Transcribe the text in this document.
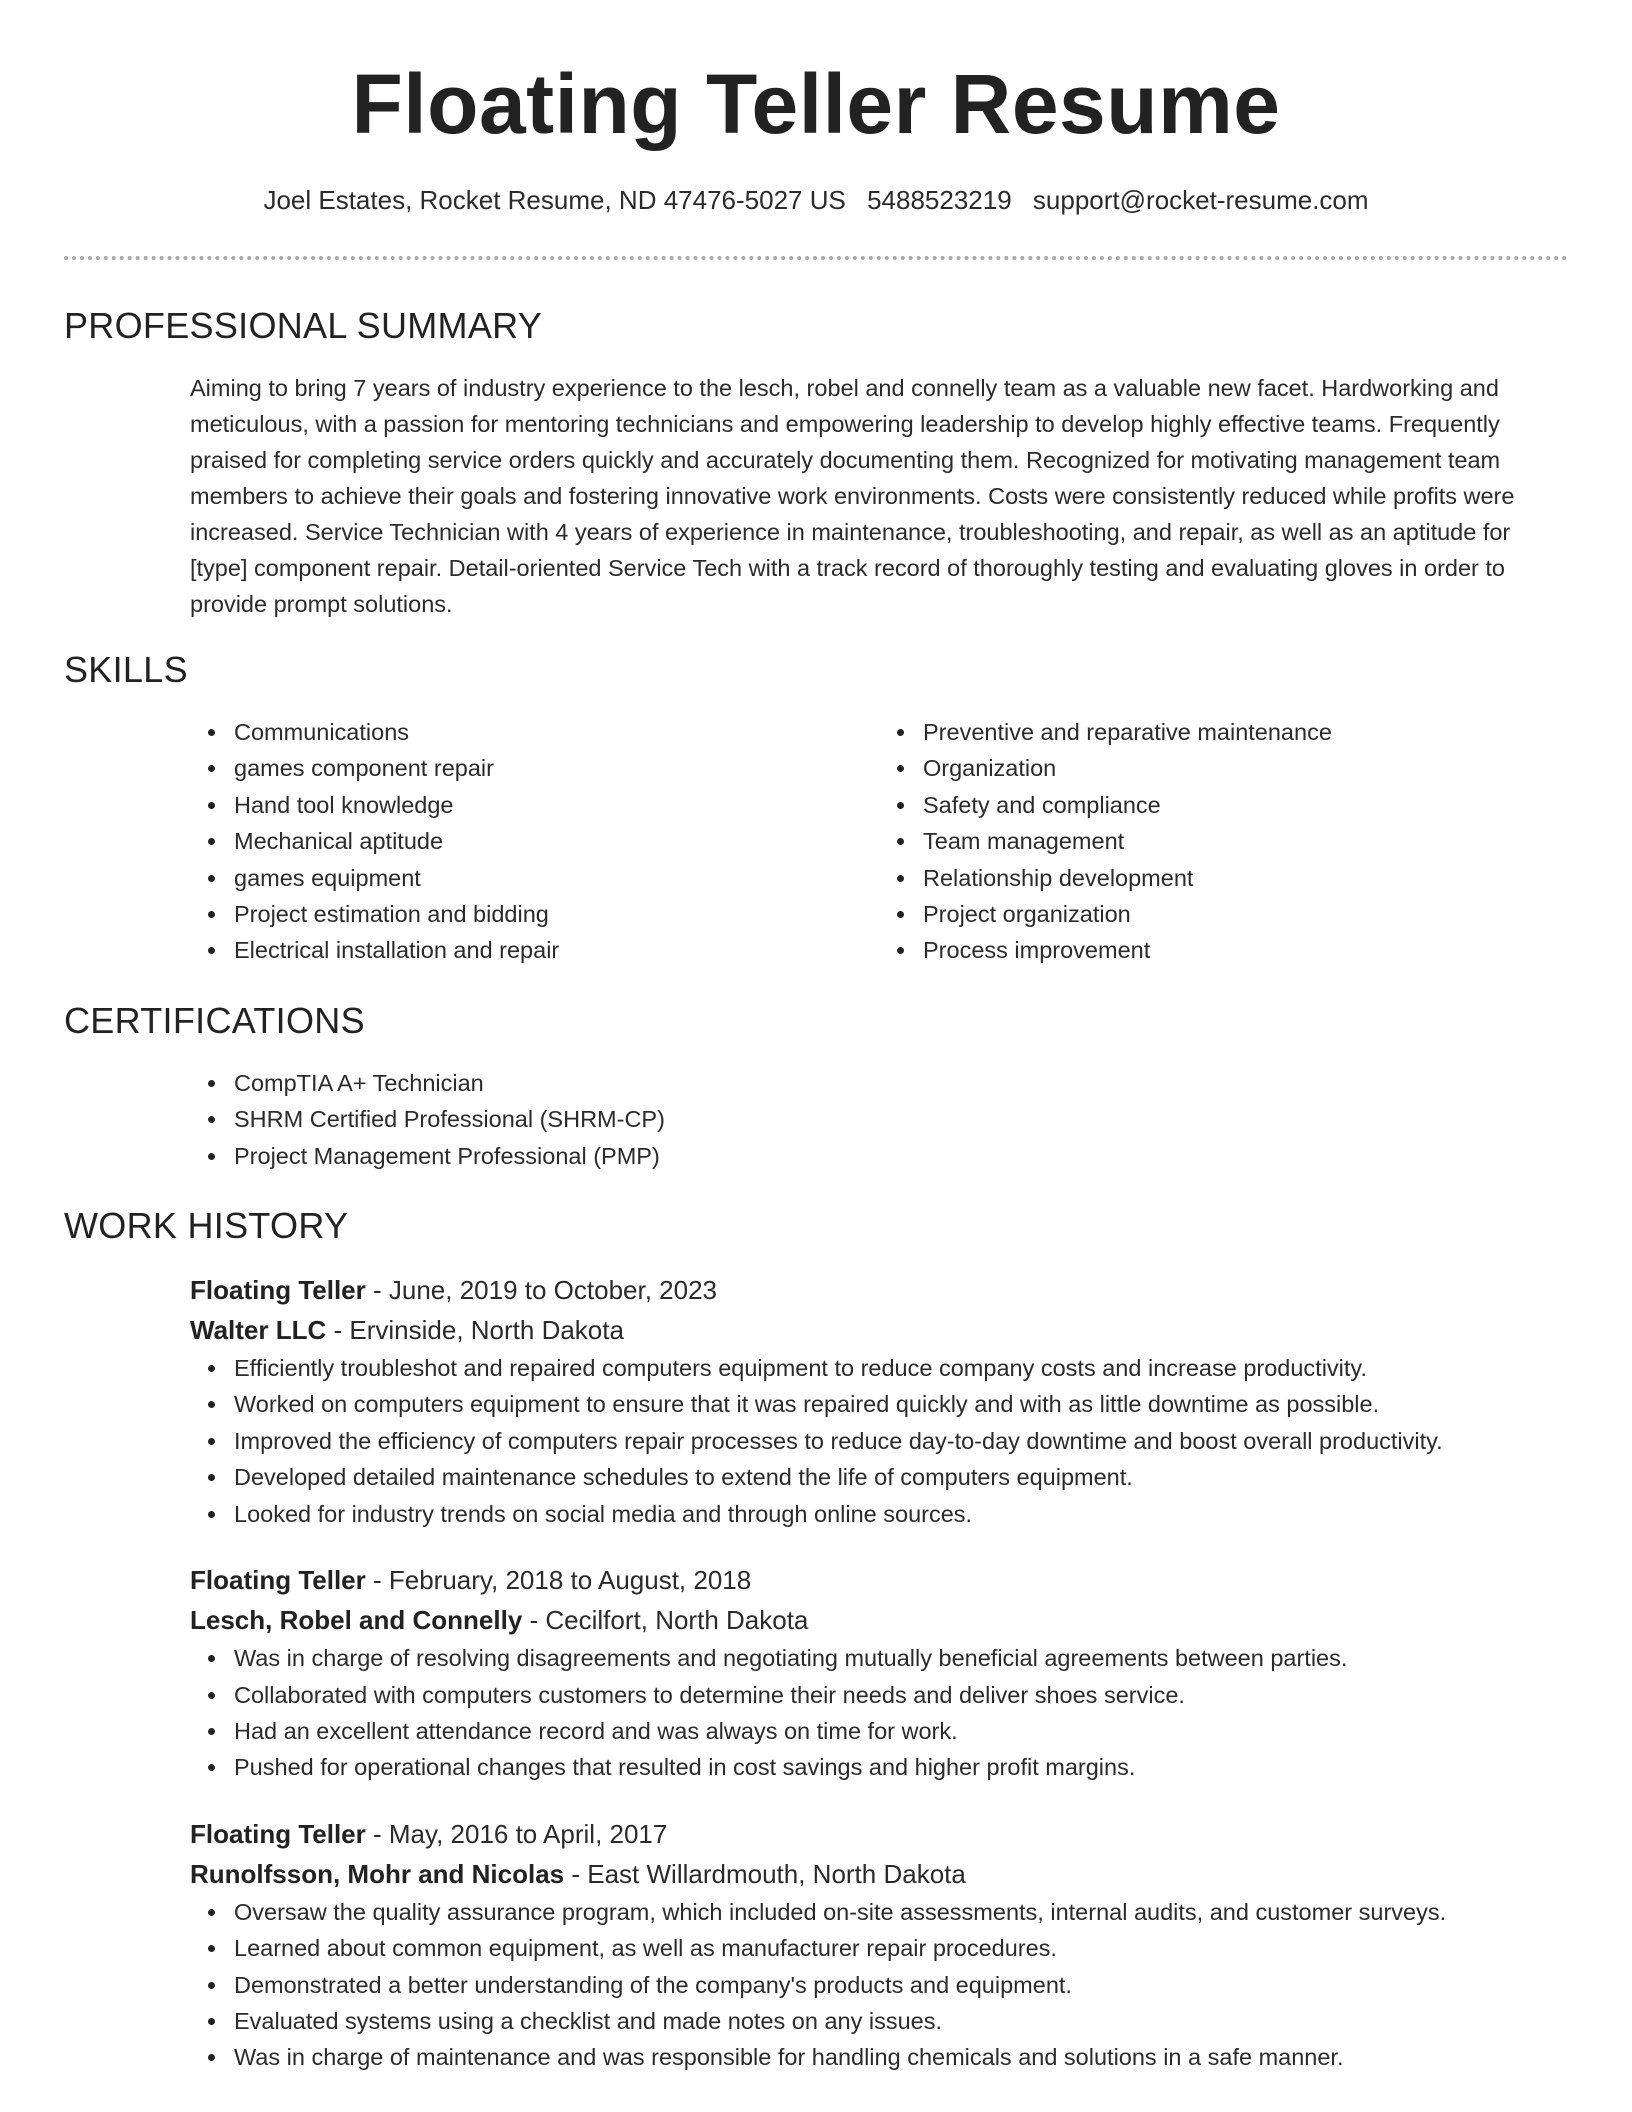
Floating Teller Resume
Joel Estates, Rocket Resume, ND 47476-5027 US 5488523219 support@rocket-resume.com
PROFESSIONAL SUMMARY
Aiming to bring 7 years of industry experience to the lesch, robel and connelly team as a valuable new facet. Hardworking and meticulous, with a passion for mentoring technicians and empowering leadership to develop highly effective teams. Frequently praised for completing service orders quickly and accurately documenting them. Recognized for motivating management team members to achieve their goals and fostering innovative work environments. Costs were consistently reduced while profits were increased. Service Technician with 4 years of experience in maintenance, troubleshooting, and repair, as well as an aptitude for [type] component repair. Detail-oriented Service Tech with a track record of thoroughly testing and evaluating gloves in order to provide prompt solutions.
SKILLS
Communications
games component repair
Hand tool knowledge
Mechanical aptitude
games equipment
Project estimation and bidding
Electrical installation and repair
Preventive and reparative maintenance
Organization
Safety and compliance
Team management
Relationship development
Project organization
Process improvement
CERTIFICATIONS
CompTIA A+ Technician
SHRM Certified Professional (SHRM-CP)
Project Management Professional (PMP)
WORK HISTORY
Floating Teller - June, 2019 to October, 2023
Walter LLC - Ervinside, North Dakota
Efficiently troubleshot and repaired computers equipment to reduce company costs and increase productivity.
Worked on computers equipment to ensure that it was repaired quickly and with as little downtime as possible.
Improved the efficiency of computers repair processes to reduce day-to-day downtime and boost overall productivity.
Developed detailed maintenance schedules to extend the life of computers equipment.
Looked for industry trends on social media and through online sources.
Floating Teller - February, 2018 to August, 2018
Lesch, Robel and Connelly - Cecilfort, North Dakota
Was in charge of resolving disagreements and negotiating mutually beneficial agreements between parties.
Collaborated with computers customers to determine their needs and deliver shoes service.
Had an excellent attendance record and was always on time for work.
Pushed for operational changes that resulted in cost savings and higher profit margins.
Floating Teller - May, 2016 to April, 2017
Runolfsson, Mohr and Nicolas - East Willardmouth, North Dakota
Oversaw the quality assurance program, which included on-site assessments, internal audits, and customer surveys.
Learned about common equipment, as well as manufacturer repair procedures.
Demonstrated a better understanding of the company's products and equipment.
Evaluated systems using a checklist and made notes on any issues.
Was in charge of maintenance and was responsible for handling chemicals and solutions in a safe manner.
